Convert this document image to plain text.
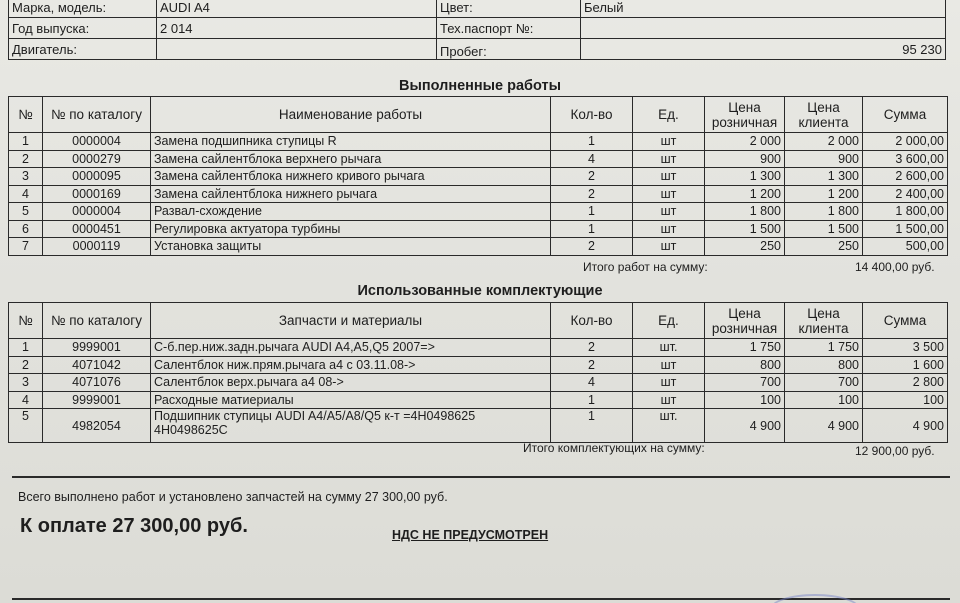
Марка, модель:	AUDI A4	Цвет:	Белый
Год выпуска:	2 014	Тех.паспорт №:	
Двигатель:		Пробег:	95 230
Выполненные работы
№	№ по каталогу	Наименование работы	Кол-во	Ед.	Цена розничная	Цена клиента	Сумма
1	0000004	Замена подшипника ступицы R	1	шт	2 000	2 000	2 000,00
2	0000279	Замена сайлентблока верхнего рычага	4	шт	900	900	3 600,00
3	0000095	Замена сайлентблока нижнего кривого рычага	2	шт	1 300	1 300	2 600,00
4	0000169	Замена сайлентблока нижнего рычага	2	шт	1 200	1 200	2 400,00
5	0000004	Развал-схождение	1	шт	1 800	1 800	1 800,00
6	0000451	Регулировка актуатора турбины	1	шт	1 500	1 500	1 500,00
7	0000119	Установка защиты	2	шт	250	250	500,00
Итого работ на сумму:	14 400,00 руб.
Использованные комплектующие
№	№ по каталогу	Запчасти и материалы	Кол-во	Ед.	Цена розничная	Цена клиента	Сумма
1	9999001	С-б.пер.ниж.задн.рычага AUDI A4,A5,Q5 2007=>	2	шт.	1 750	1 750	3 500
2	4071042	Салентблок ниж.прям.рычага а4 с 03.11.08->	2	шт	800	800	1 600
3	4071076	Салентблок верх.рычага а4 08->	4	шт	700	700	2 800
4	9999001	Расходные матиериалы	1	шт	100	100	100
5	4982054	Подшипник ступицы AUDI A4/A5/A8/Q5 к-т =4H0498625 4H0498625C	1	шт.	4 900	4 900	4 900
Итого комплектующих на сумму:	12 900,00 руб.
Всего выполнено работ и установлено запчастей на сумму 27 300,00 руб.
К оплате 27 300,00 руб.	НДС НЕ ПРЕДУСМОТРЕН
